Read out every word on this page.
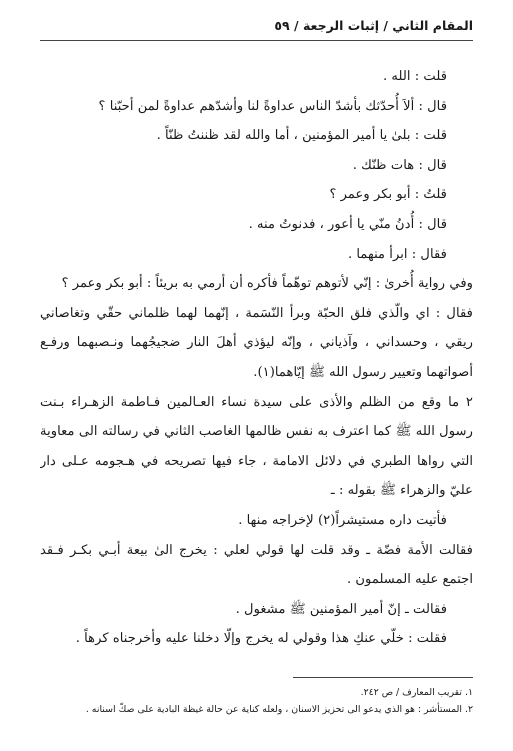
المقام الثاني / إثبات الرجعة / ٥٩
قلت : الله .
قال : ألاَ أُحدّثك بأشدّ الناس عداوةً لنا وأشدّهم عداوةً لمن أحبّنا ؟
قلت : بلىٰ يا أمير المؤمنين ، أما والله لقد ظننتُ ظنّاً .
قال : هات ظنّك .
قلتُ : أبو بكر وعمر ؟
قال : أُدنُ منّي يا أعور ، فدنوتُ منه .
فقال : ابرأ منهما .
وفي رواية أُخرىٰ : إنّي لأتوهم توهّماً فأكره أن أرمي به بريئاً : أبو بكر وعمر ؟
فقال : اي والّذي فلق الحبّة وبرأ النّسَمة ، إنّهما لهما ظلماني حقّي وتغاصاني
ريقي ، وحسداني ، وآذياني ، وإنّه ليؤذي أهلَ النار ضجيجُهما ونـصبهما ورفـع
أصواتهما وتعيير رسول الله ﷺ إيّاهما(١).
٢ ما وقع من الظلم والأذى على سيدة نساء العـالمين فـاطمة الزهـراء بـنت
رسول الله ﷺ كما اعترف به نفس ظالمها الغاصب الثاني في رسالته الى معاوية
التي رواها الطبري في دلائل الامامة ، جاء فيها تصريحه في هـجومه عـلى دار
عليّ والزهراء ﷺ بقوله : ـ
فأتيت داره مستيشراً(٢) لإخراجه منها .
فقالت الأمة فضّة ـ وقد قلت لها قولي لعلي : يخرج الىٰ بيعة أبـي بكـر فـقد
اجتمع عليه المسلمون .
فقالت ـ إنّ أمير المؤمنين ﷺ مشغول .
فقلت : خلّي عنكِ هذا وقولي له يخرج وإلّا دخلنا عليه وأخرجناه كرهاً .
١. تقريب المعارف / ص ٢٤٢.
٢. المستأشر : هو الذي يدعو الى تحزيز الاسنان ، ولعله كناية عن حالة غيظة البادية على صكّ اسنانه .
